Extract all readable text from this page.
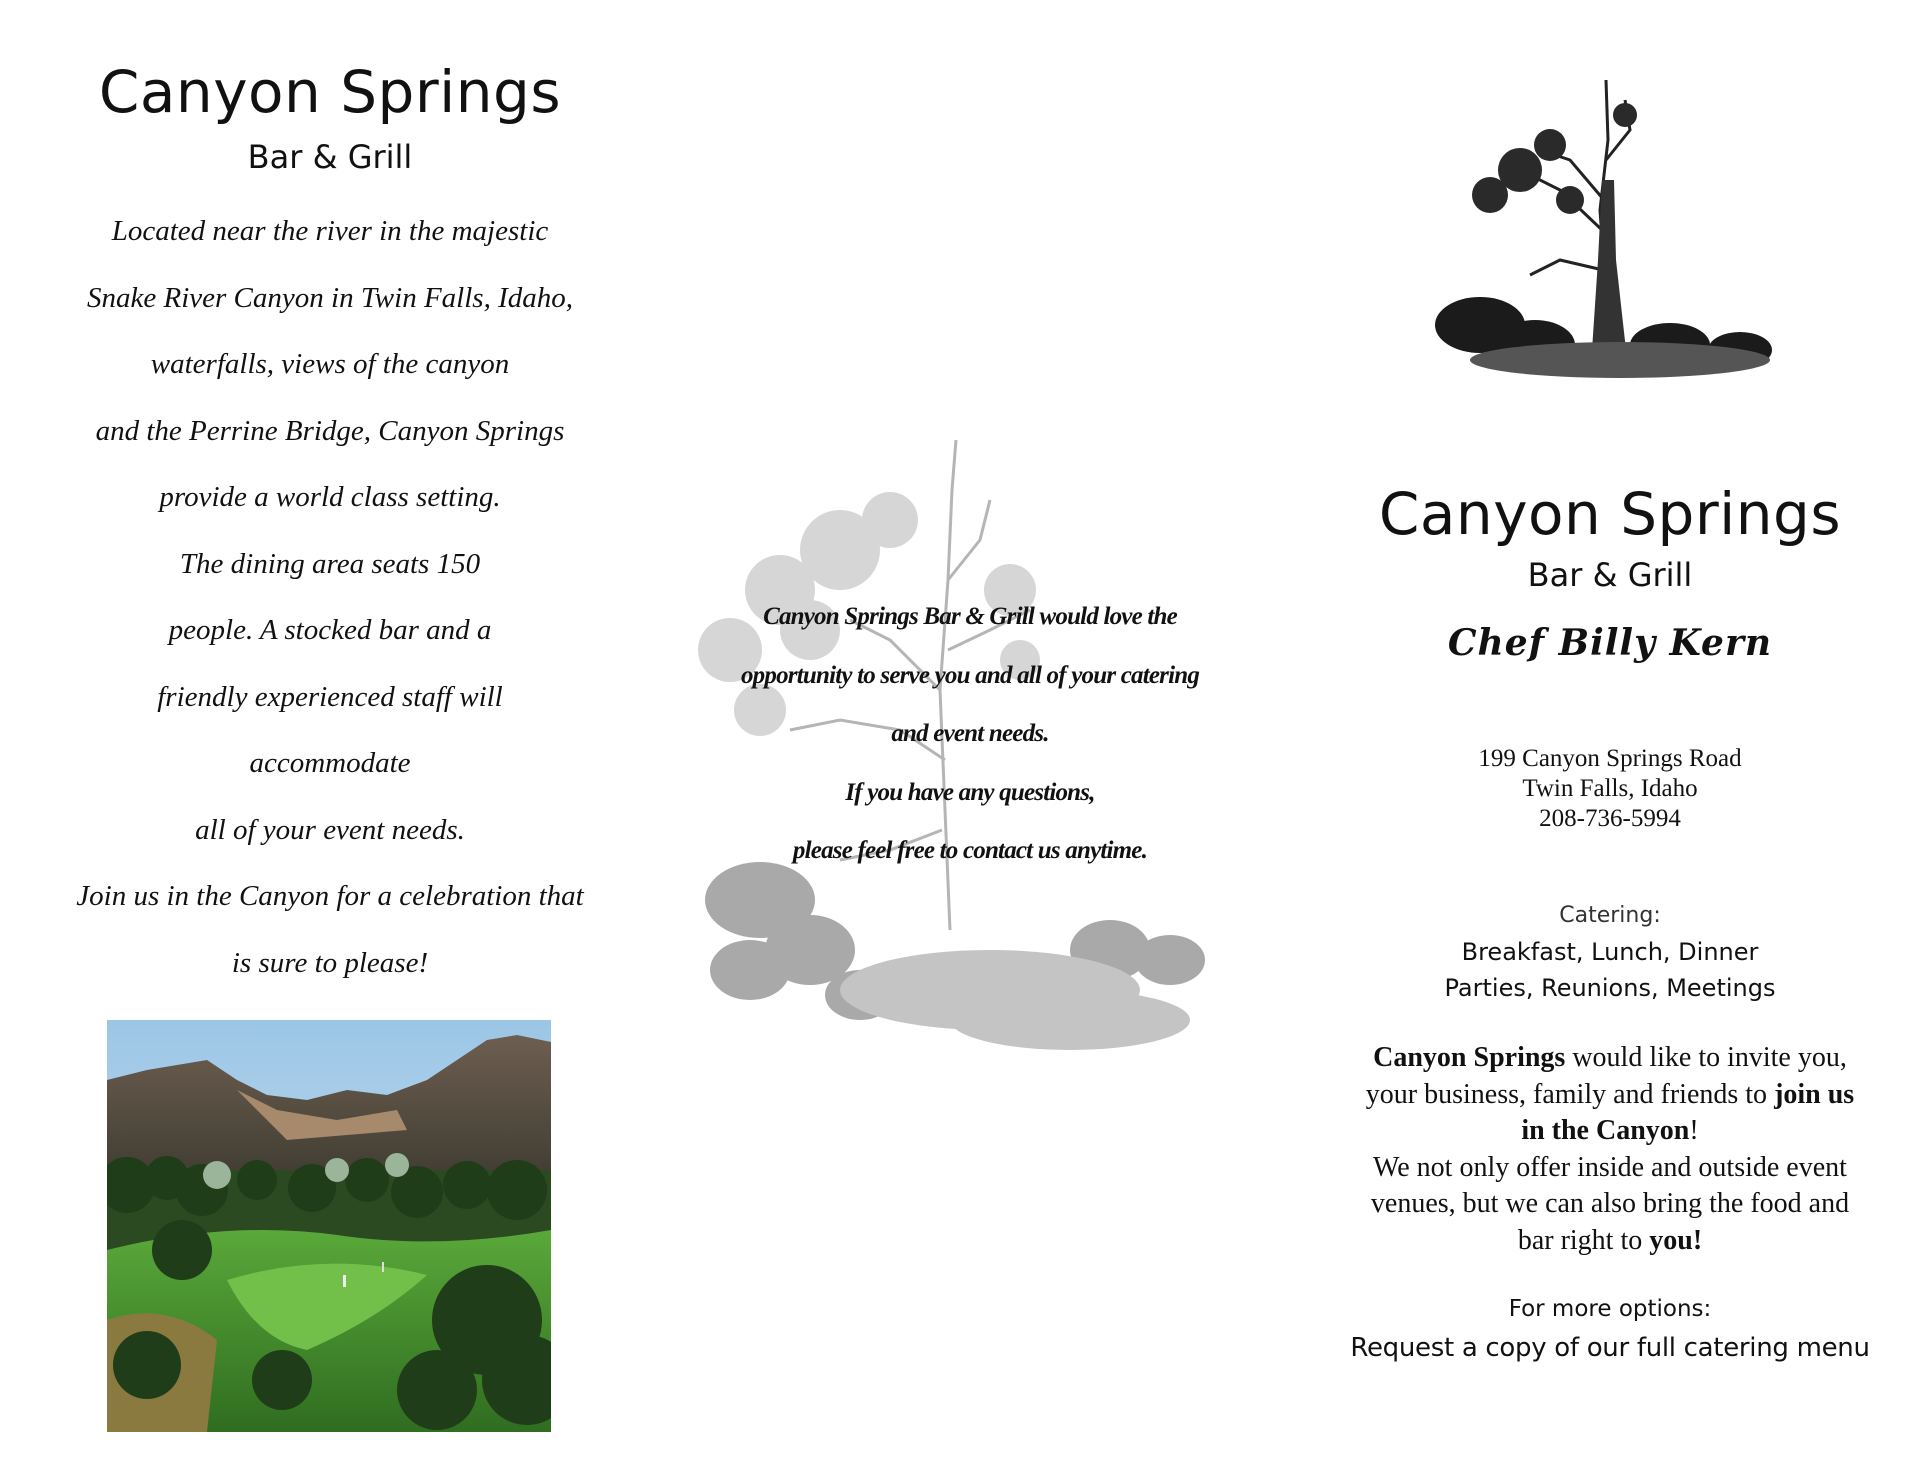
Canyon Springs
Bar & Grill
Located near the river in the majestic
Snake River Canyon in Twin Falls, Idaho,
waterfalls, views of the canyon
and the Perrine Bridge, Canyon Springs
provide a world class setting.
The dining area seats 150
people. A stocked bar and a
friendly experienced staff will
accommodate
all of your event needs.
Join us in the Canyon for a celebration that
is sure to please!
Canyon Springs Bar & Grill would love the
opportunity to serve you and all of your catering
and event needs.
If you have any questions,
please feel free to contact us anytime.
Canyon Springs
Bar & Grill
Chef Billy Kern
199 Canyon Springs Road
Twin Falls, Idaho
208-736-5994
Catering:
Breakfast, Lunch, Dinner
Parties, Reunions, Meetings

Canyon Springs would like to invite you, your business, family and friends to join us in the Canyon!
We not only offer inside and outside event venues, but we can also bring the food and bar right to you!

For more options:
Request a copy of our full catering menu
